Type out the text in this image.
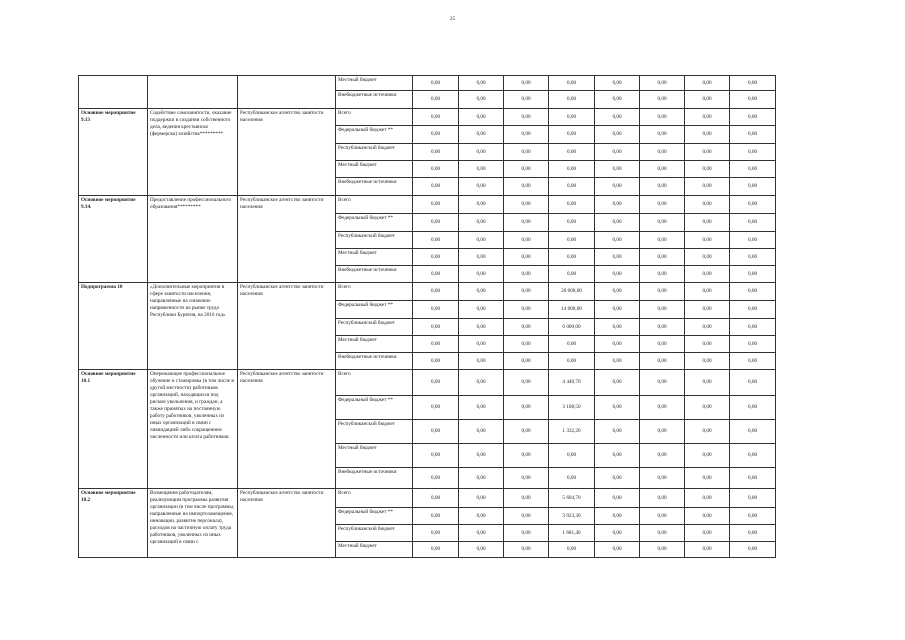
25
			Местный бюджет	0,00	0,00	0,00	0,00	0,00	0,00	0,00	0,00
			Внебюджетные источники	0,00	0,00	0,00	0,00	0,00	0,00	0,00	0,00
Основное мероприятие 9.13	Содействие самозанятости, оказание поддержки в создании собственного дела, ведения крестьянско (фермерско) хозяйства*********	Республиканское агентство занятости населения	Всего	0,00	0,00	0,00	0,00	0,00	0,00	0,00	0,00
			Федеральный бюджет **	0,00	0,00	0,00	0,00	0,00	0,00	0,00	0,00
			Республиканский бюджет	0,00	0,00	0,00	0,00	0,00	0,00	0,00	0,00
			Местный бюджет	0,00	0,00	0,00	0,00	0,00	0,00	0,00	0,00
			Внебюджетные источники	0,00	0,00	0,00	0,00	0,00	0,00	0,00	0,00
Основное мероприятие 9.14.	Предоставление профессионального образования*********	Республиканское агентство занятости населения	Всего	0,00	0,00	0,00	0,00	0,00	0,00	0,00	0,00
			Федеральный бюджет **	0,00	0,00	0,00	0,00	0,00	0,00	0,00	0,00
			Республиканский бюджет	0,00	0,00	0,00	0,00	0,00	0,00	0,00	0,00
			Местный бюджет	0,00	0,00	0,00	0,00	0,00	0,00	0,00	0,00
			Внебюджетные источники	0,00	0,00	0,00	0,00	0,00	0,00	0,00	0,00
Подпрограмма 10	«Дополнительные мероприятия в сфере занятости населения, направленные на снижение напряженности на рынке труда Республики Бурятия, на 2016 год»	Республиканское агентство занятости населения	Всего	0,00	0,00	0,00	20 000,00	0,00	0,00	0,00	0,00
			Федеральный бюджет **	0,00	0,00	0,00	14 000,00	0,00	0,00	0,00	0,00
			Республиканский бюджет	0,00	0,00	0,00	6 000,00	0,00	0,00	0,00	0,00
			Местный бюджет	0,00	0,00	0,00	0,00	0,00	0,00	0,00	0,00
			Внебюджетные источники	0,00	0,00	0,00	0,00	0,00	0,00	0,00	0,00
Основное мероприятие 10.1	Опережающее профессиональное обучение и стажировка (в том числе в другой местности) работников организаций, находящихся под риском увольнения, и граждан, а также принятых на постоянную работу работников, уволенных из иных организаций в связи с ликвидацией либо сокращением численности или штата работников	Республиканское агентство занятости населения	Всего	0,00	0,00	0,00	4 440,70	0,00	0,00	0,00	0,00
			Федеральный бюджет **	0,00	0,00	0,00	3 108,50	0,00	0,00	0,00	0,00
			Республиканский бюджет	0,00	0,00	0,00	1 332,20	0,00	0,00	0,00	0,00
			Местный бюджет	0,00	0,00	0,00	0,00	0,00	0,00	0,00	0,00
			Внебюджетные источники	0,00	0,00	0,00	0,00	0,00	0,00	0,00	0,00
Основное мероприятие 10.2	Возмещение работодателям, реализующим программы развития организации (в том числе программы, направленные на импортозамещение, инновации, развитие персонала), расходов на частичную оплату труда работников, уволенных из иных организаций в связи с	Республиканское агентство занятости населения	Всего	0,00	0,00	0,00	5 604,70	0,00	0,00	0,00	0,00
			Федеральный бюджет **	0,00	0,00	0,00	3 923,30	0,00	0,00	0,00	0,00
			Республиканский бюджет	0,00	0,00	0,00	1 681,40	0,00	0,00	0,00	0,00
			Местный бюджет	0,00	0,00	0,00	0,00	0,00	0,00	0,00	0,00
